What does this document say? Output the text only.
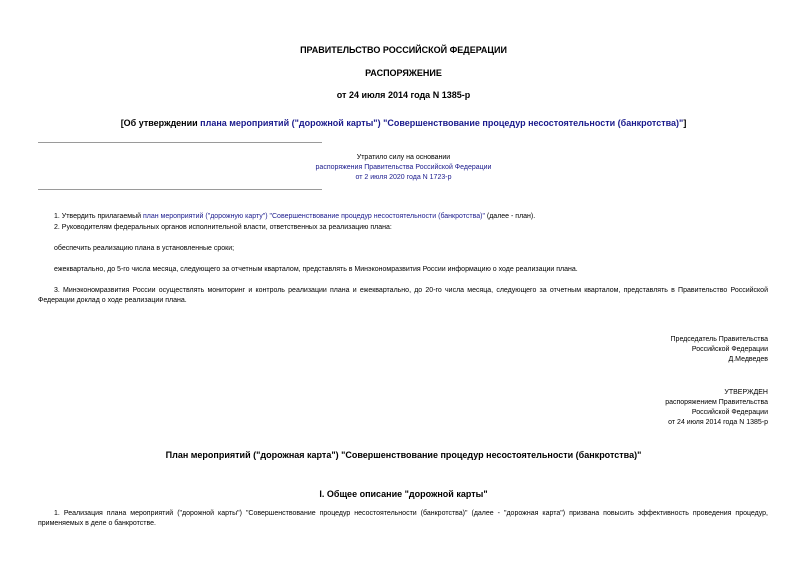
ПРАВИТЕЛЬСТВО РОССИЙСКОЙ ФЕДЕРАЦИИ
РАСПОРЯЖЕНИЕ
от 24 июля 2014 года N 1385-р
[Об утверждении плана мероприятий ("дорожной карты") "Совершенствование процедур несостоятельности (банкротства)"]
Утратило силу на основании
распоряжения Правительства Российской Федерации
от 2 июля 2020 года N 1723-р
1. Утвердить прилагаемый план мероприятий ("дорожную карту") "Совершенствование процедур несостоятельности (банкротства)" (далее - план).
2. Руководителям федеральных органов исполнительной власти, ответственных за реализацию плана:
обеспечить реализацию плана в установленные сроки;
ежеквартально, до 5-го числа месяца, следующего за отчетным кварталом, представлять в Минэкономразвития России информацию о ходе реализации плана.
3. Минэкономразвития России осуществлять мониторинг и контроль реализации плана и ежеквартально, до 20-го числа месяца, следующего за отчетным кварталом, представлять в Правительство Российской Федерации доклад о ходе реализации плана.
Председатель Правительства
Российской Федерации
Д.Медведев
УТВЕРЖДЕН
распоряжением Правительства
Российской Федерации
от 24 июля 2014 года N 1385-р
План мероприятий ("дорожная карта") "Совершенствование процедур несостоятельности (банкротства)"
I. Общее описание "дорожной карты"
1. Реализация плана мероприятий ("дорожной карты") "Совершенствование процедур несостоятельности (банкротства)" (далее - "дорожная карта") призвана повысить эффективность проведения процедур, применяемых в деле о банкротстве.
